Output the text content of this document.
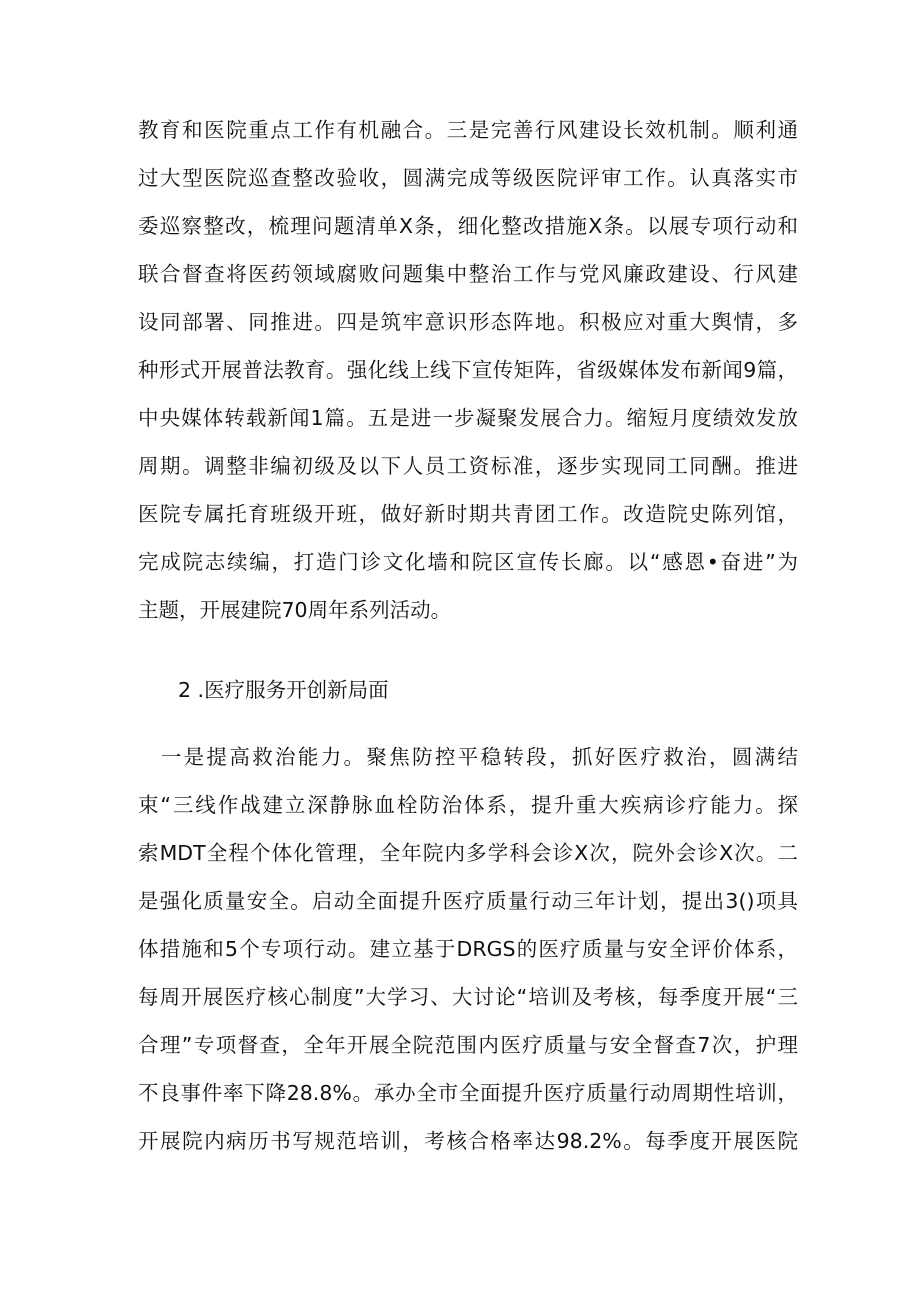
教育和医院重点工作有机融合。三是完善行风建设长效机制。顺利通
过大型医院巡查整改验收，圆满完成等级医院评审工作。认真落实市
委巡察整改，梳理问题清单X条，细化整改措施X条。以展专项行动和
联合督查将医药领域腐败问题集中整治工作与党风廉政建设、行风建
设同部署、同推进。四是筑牢意识形态阵地。积极应对重大舆情，多
种形式开展普法教育。强化线上线下宣传矩阵，省级媒体发布新闻9篇，
中央媒体转载新闻1篇。五是进一步凝聚发展合力。缩短月度绩效发放
周期。调整非编初级及以下人员工资标准，逐步实现同工同酬。推进
医院专属托育班级开班，做好新时期共青团工作。改造院史陈列馆，
完成院志续编，打造门诊文化墙和院区宣传长廊。以“感恩•奋进”为
主题，开展建院70周年系列活动。
2 .医疗服务开创新局面
　一是提高救治能力。聚焦防控平稳转段，抓好医疗救治，圆满结
束“三线作战建立深静脉血栓防治体系，提升重大疾病诊疗能力。探
索MDT全程个体化管理，全年院内多学科会诊X次，院外会诊X次。二
是强化质量安全。启动全面提升医疗质量行动三年计划，提出3()项具
体措施和5个专项行动。建立基于DRGS的医疗质量与安全评价体系，
每周开展医疗核心制度”大学习、大讨论“培训及考核，每季度开展“三
合理”专项督查，全年开展全院范围内医疗质量与安全督查7次，护理
不良事件率下降28.8%。承办全市全面提升医疗质量行动周期性培训，
开展院内病历书写规范培训，考核合格率达98.2%。每季度开展医院
